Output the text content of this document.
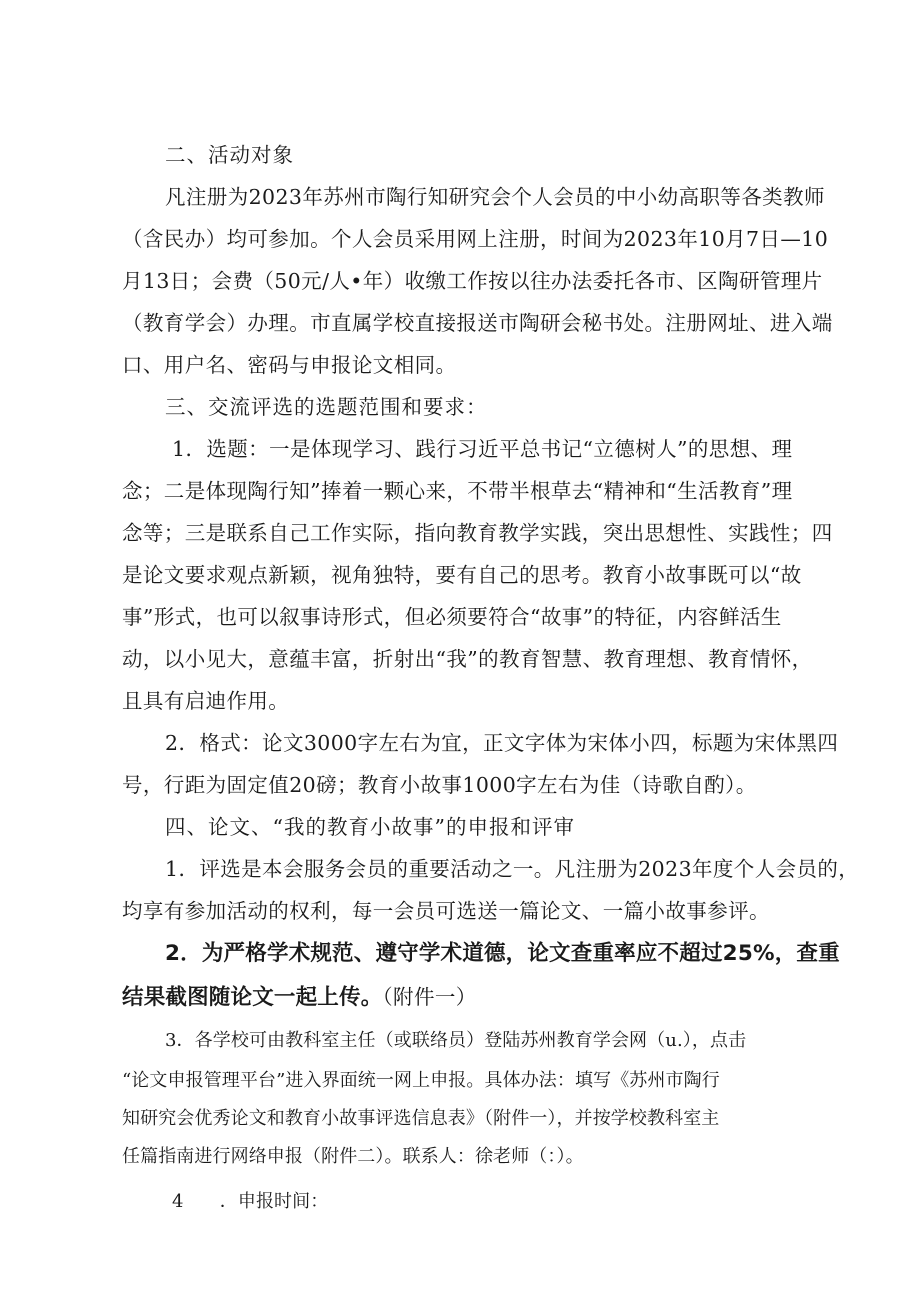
二、活动对象
凡注册为2023年苏州市陶行知研究会个人会员的中小幼高职等各类教师
（含民办）均可参加。个人会员采用网上注册，时间为2023年10月7日—10
月13日；会费（50元/人•年）收缴工作按以往办法委托各市、区陶研管理片
（教育学会）办理。市直属学校直接报送市陶研会秘书处。注册网址、进入端
口、用户名、密码与申报论文相同。
三、交流评选的选题范围和要求：
1．选题：一是体现学习、践行习近平总书记“立德树人”的思想、理
念；二是体现陶行知”捧着一颗心来，不带半根草去“精神和“生活教育”理
念等；三是联系自己工作实际，指向教育教学实践，突出思想性、实践性；四
是论文要求观点新颖，视角独特，要有自己的思考。教育小故事既可以“故
事”形式，也可以叙事诗形式，但必须要符合“故事”的特征，内容鲜活生
动，以小见大，意蕴丰富，折射出“我”的教育智慧、教育理想、教育情怀，
且具有启迪作用。
2．格式：论文3000字左右为宜，正文字体为宋体小四，标题为宋体黑四
号，行距为固定值20磅；教育小故事1000字左右为佳（诗歌自酌）。
四、论文、“我的教育小故事”的申报和评审
1．评选是本会服务会员的重要活动之一。凡注册为2023年度个人会员的，
均享有参加活动的权利，每一会员可选送一篇论文、一篇小故事参评。
2．为严格学术规范、遵守学术道德，论文查重率应不超过25%，查重
结果截图随论文一起上传。（附件一）
3．各学校可由教科室主任（或联络员）登陆苏州教育学会网（u.），点击
“论文申报管理平台”进入界面统一网上申报。具体办法：填写《苏州市陶行
知研究会优秀论文和教育小故事评选信息表》（附件一），并按学校教科室主
任篇指南进行网络申报（附件二）。联系人：徐老师（：）。
4　　．申报时间：
